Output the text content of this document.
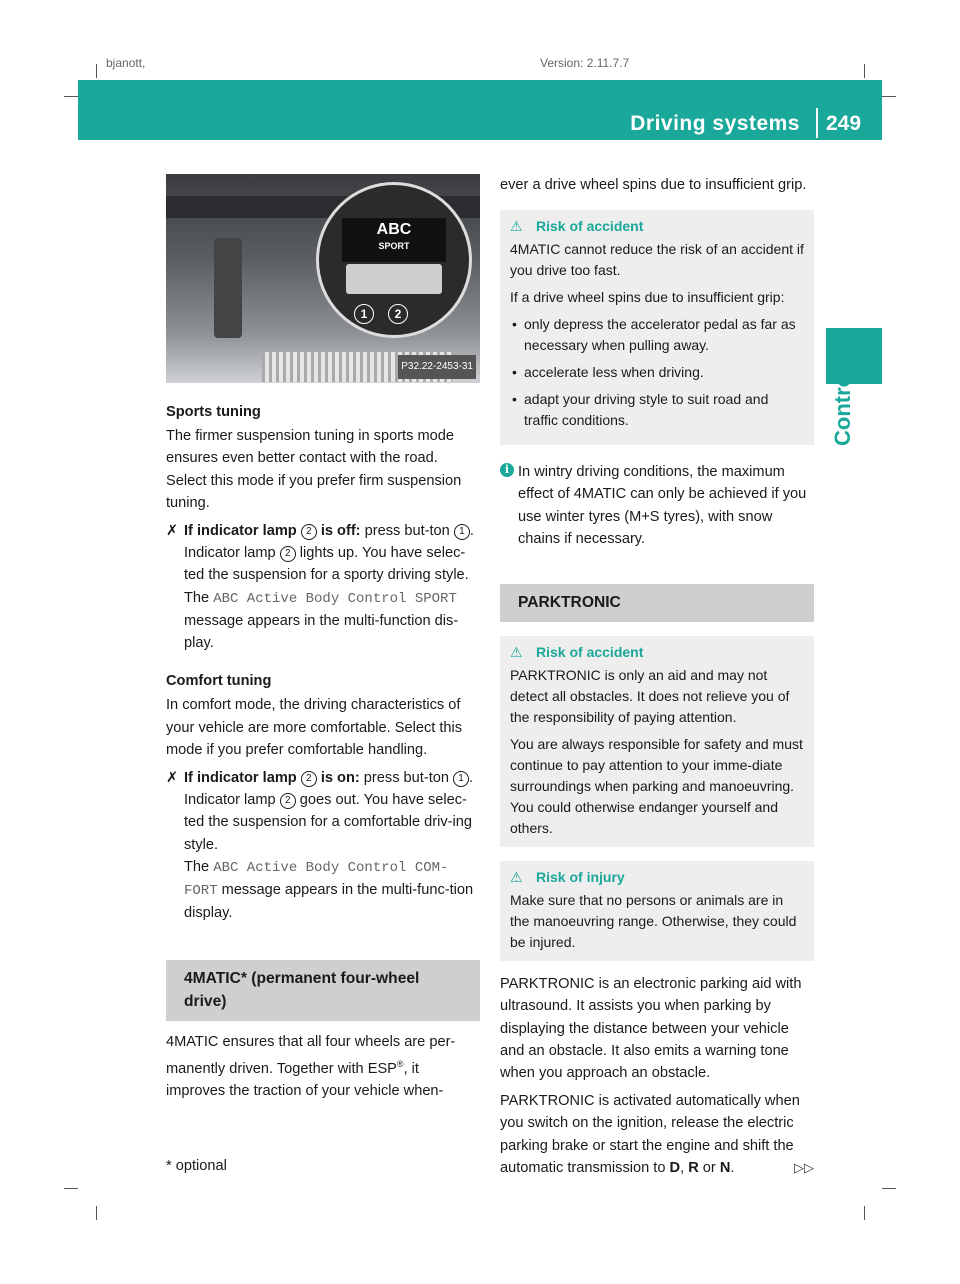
bjanott,	Version: 2.11.7.7
Driving systems 249
Controls
ABC
SPORT
1	2
P32.22-2453-31

Sports tuning

The firmer suspension tuning in sports mode ensures even better contact with the road. Select this mode if you prefer firm suspension tuning.

✗ If indicator lamp 2 is off: press but-ton 1 .

Indicator lamp 2 lights up. You have selec-ted the suspension for a sporty driving style.

The ABC Active Body Control SPORT message appears in the multi-function dis-play.

Comfort tuning

In comfort mode, the driving characteristics of your vehicle are more comfortable. Select this mode if you prefer comfortable handling.

✗ If indicator lamp 2 is on: press but-ton 1 .

Indicator lamp 2 goes out. You have selec-ted the suspension for a comfortable driv-ing style.

The ABC Active Body Control COM-FORT message appears in the multi-func-tion display.

4MATIC* (permanent four-wheel drive)

4MATIC ensures that all four wheels are per-manently driven. Together with ESP®, it improves the traction of your vehicle when-

ever a drive wheel spins due to insufficient grip.

⚠ Risk of accident

4MATIC cannot reduce the risk of an accident if you drive too fast.

If a drive wheel spins due to insufficient grip:

• only depress the accelerator pedal as far as necessary when pulling away.
• accelerate less when driving.
• adapt your driving style to suit road and traffic conditions.
i In wintry driving conditions, the maximum effect of 4MATIC can only be achieved if you use winter tyres (M+S tyres), with snow chains if necessary.

PARKTRONIC
⚠ Risk of accident

PARKTRONIC is only an aid and may not detect all obstacles. It does not relieve you of the responsibility of paying attention.

You are always responsible for safety and must continue to pay attention to your imme-diate surroundings when parking and manoeuvring. You could otherwise endanger yourself and others.

⚠ Risk of injury

Make sure that no persons or animals are in the manoeuvring range. Otherwise, they could be injured.

PARKTRONIC is an electronic parking aid with ultrasound. It assists you when parking by displaying the distance between your vehicle and an obstacle. It also emits a warning tone when you approach an obstacle.

PARKTRONIC is activated automatically when you switch on the ignition, release the electric parking brake or start the engine and shift the automatic transmission to D, R or N.

* optional	▷▷
